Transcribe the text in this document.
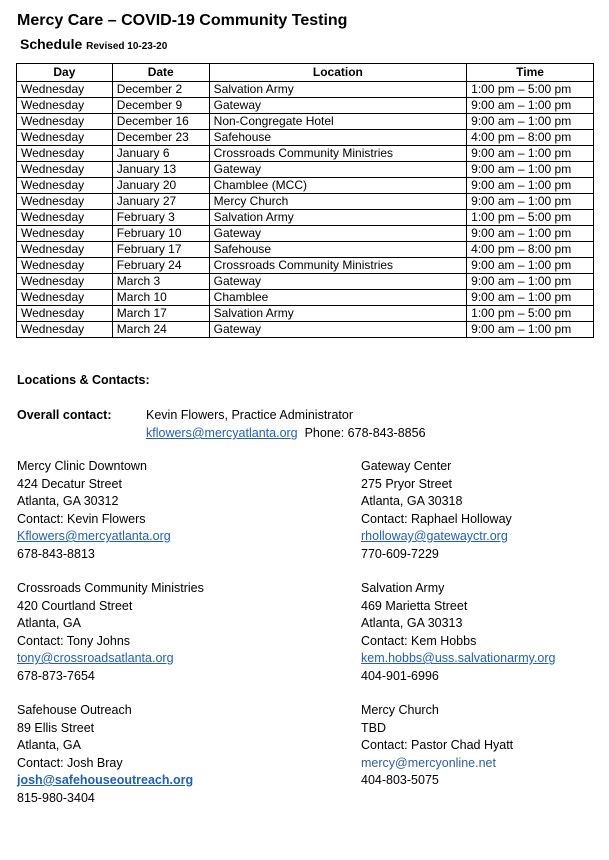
Mercy Care – COVID-19 Community Testing
Schedule Revised 10-23-20
Day	Date	Location	Time
Wednesday	December 2	Salvation Army	1:00 pm – 5:00 pm
Wednesday	December 9	Gateway	9:00 am – 1:00 pm
Wednesday	December 16	Non-Congregate Hotel	9:00 am – 1:00 pm
Wednesday	December 23	Safehouse	4:00 pm – 8:00 pm
Wednesday	January 6	Crossroads Community Ministries	9:00 am – 1:00 pm
Wednesday	January 13	Gateway	9:00 am – 1:00 pm
Wednesday	January 20	Chamblee (MCC)	9:00 am – 1:00 pm
Wednesday	January 27	Mercy Church	9:00 am – 1:00 pm
Wednesday	February 3	Salvation Army	1:00 pm – 5:00 pm
Wednesday	February 10	Gateway	9:00 am – 1:00 pm
Wednesday	February 17	Safehouse	4:00 pm – 8:00 pm
Wednesday	February 24	Crossroads Community Ministries	9:00 am – 1:00 pm
Wednesday	March 3	Gateway	9:00 am – 1:00 pm
Wednesday	March 10	Chamblee	9:00 am – 1:00 pm
Wednesday	March 17	Salvation Army	1:00 pm – 5:00 pm
Wednesday	March 24	Gateway	9:00 am – 1:00 pm
Locations & Contacts:
Overall contact:	Kevin Flowers, Practice Administrator
kflowers@mercyatlanta.org Phone: 678-843-8856
Mercy Clinic Downtown
424 Decatur Street
Atlanta, GA 30312
Contact: Kevin Flowers
Kflowers@mercyatlanta.org
678-843-8813
Gateway Center
275 Pryor Street
Atlanta, GA 30318
Contact: Raphael Holloway
rholloway@gatewayctr.org
770-609-7229
Crossroads Community Ministries
420 Courtland Street
Atlanta, GA
Contact: Tony Johns
tony@crossroadsatlanta.org
678-873-7654
Salvation Army
469 Marietta Street
Atlanta, GA 30313
Contact: Kem Hobbs
kem.hobbs@uss.salvationarmy.org
404-901-6996
Safehouse Outreach
89 Ellis Street
Atlanta, GA
Contact: Josh Bray
josh@safehouseoutreach.org
815-980-3404
Mercy Church
TBD
Contact: Pastor Chad Hyatt
mercy@mercyonline.net
404-803-5075
